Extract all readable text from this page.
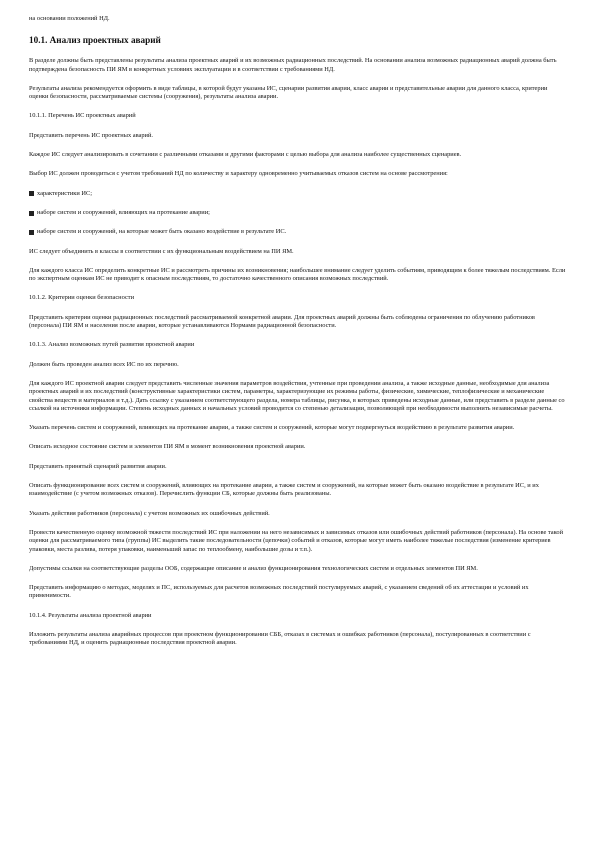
на основании положений НД.

10.1. Анализ проектных аварий

В разделе должны быть представлены результаты анализа проектных аварий и их возможных радиационных последствий. На основании анализа возможных радиационных аварий должна быть подтверждена безопасность ПИ ЯМ в конкретных условиях эксплуатации и в соответствии с требованиями НД.

Результаты анализа рекомендуется оформить в виде таблицы, в которой будут указаны ИС, сценарии развития аварии, класс аварии и представительные аварии для данного класса, критерии оценки безопасности, рассматриваемые системы (сооружения), результаты анализа аварии.

10.1.1. Перечень ИС проектных аварий

Представить перечень ИС проектных аварий.

Каждое ИС следует анализировать в сочетании с различными отказами и другими факторами с целью выбора для анализа наиболее существенных сценариев.

Выбор ИС должен проводиться с учетом требований НД по количеству и характеру одновременно учитываемых отказов систем на основе рассмотрения:

характеристики ИС;
наборе систем и сооружений, влияющих на протекание аварии;
наборе систем и сооружений, на которые может быть оказано воздействие в результате ИС.

ИС следует объединить в классы в соответствии с их функциональным воздействием на ПИ ЯМ.

Для каждого класса ИС определить конкретные ИС и рассмотреть причины их возникновения; наибольшее внимание следует уделить событиям, приводящим к более тяжелым последствиям. Если по экспертным оценкам ИС не приводит к опасным последствиям, то достаточно качественного описания возможных последствий.

10.1.2. Критерии оценки безопасности

Представить критерии оценки радиационных последствий рассматриваемой конкретной аварии. Для проектных аварий должны быть соблюдены ограничения по облучению работников (персонала) ПИ ЯМ и населения после аварии, которые устанавливаются Нормами радиационной безопасности.

10.1.3. Анализ возможных путей развития проектной аварии

Должен быть проведен анализ всех ИС по их перечню.

Для каждого ИС проектной аварии следует представить численные значения параметров воздействия, учтенные при проведении анализа, а также исходные данные, необходимые для анализа проектных аварий и их последствий (конструктивные характеристики систем, параметры, характеризующие их режимы работы, физические, химические, теплофизические и механические свойства веществ и материалов и т.д.). Дать ссылку с указанием соответствующего раздела, номера таблицы, рисунка, в которых приведены исходные данные, или представить в разделе данные со ссылкой на источники информации. Степень исходных данных и начальных условий проводится со степенью детализации, позволяющей при необходимости выполнить независимые расчеты.

Указать перечень систем и сооружений, влияющих на протекание аварии, а также систем и сооружений, которые могут подвергнуться воздействию в результате развития аварии.

Описать исходное состояние систем и элементов ПИ ЯМ в момент возникновения проектной аварии.

Представить принятый сценарий развития аварии.

Описать функционирование всех систем и сооружений, влияющих на протекание аварии, а также систем и сооружений, на которые может быть оказано воздействие в результате ИС, и их взаимодействие (с учетом возможных отказов). Перечислить функции СБ, которые должны быть реализованы.

Указать действия работников (персонала) с учетом возможных их ошибочных действий.

Провести качественную оценку возможной тяжести последствий ИС при наложении на него независимых и зависимых отказов или ошибочных действий работников (персонала). На основе такой оценки для рассматриваемого типа (группы) ИС выделить такие последовательности (цепочки) событий и отказов, которые могут иметь наиболее тяжелые последствия (изменение критериев упаковки, места разлива, потеря упаковки, наименьший запас по теплообмену, наибольшие дозы и т.п.).

Допустимы ссылки на соответствующие разделы ООБ, содержащие описание и анализ функционирования технологических систем и отдельных элементов ПИ ЯМ.

Представить информацию о методах, моделях и ПС, используемых для расчетов возможных последствий постулируемых аварий, с указанием сведений об их аттестации и условий их применимости.

10.1.4. Результаты анализа проектной аварии

Изложить результаты анализа аварийных процессов при проектном функционировании СББ, отказах в системах и ошибках работников (персонала), постулированных в соответствии с требованиями НД, и оценить радиационные последствия проектной аварии.
